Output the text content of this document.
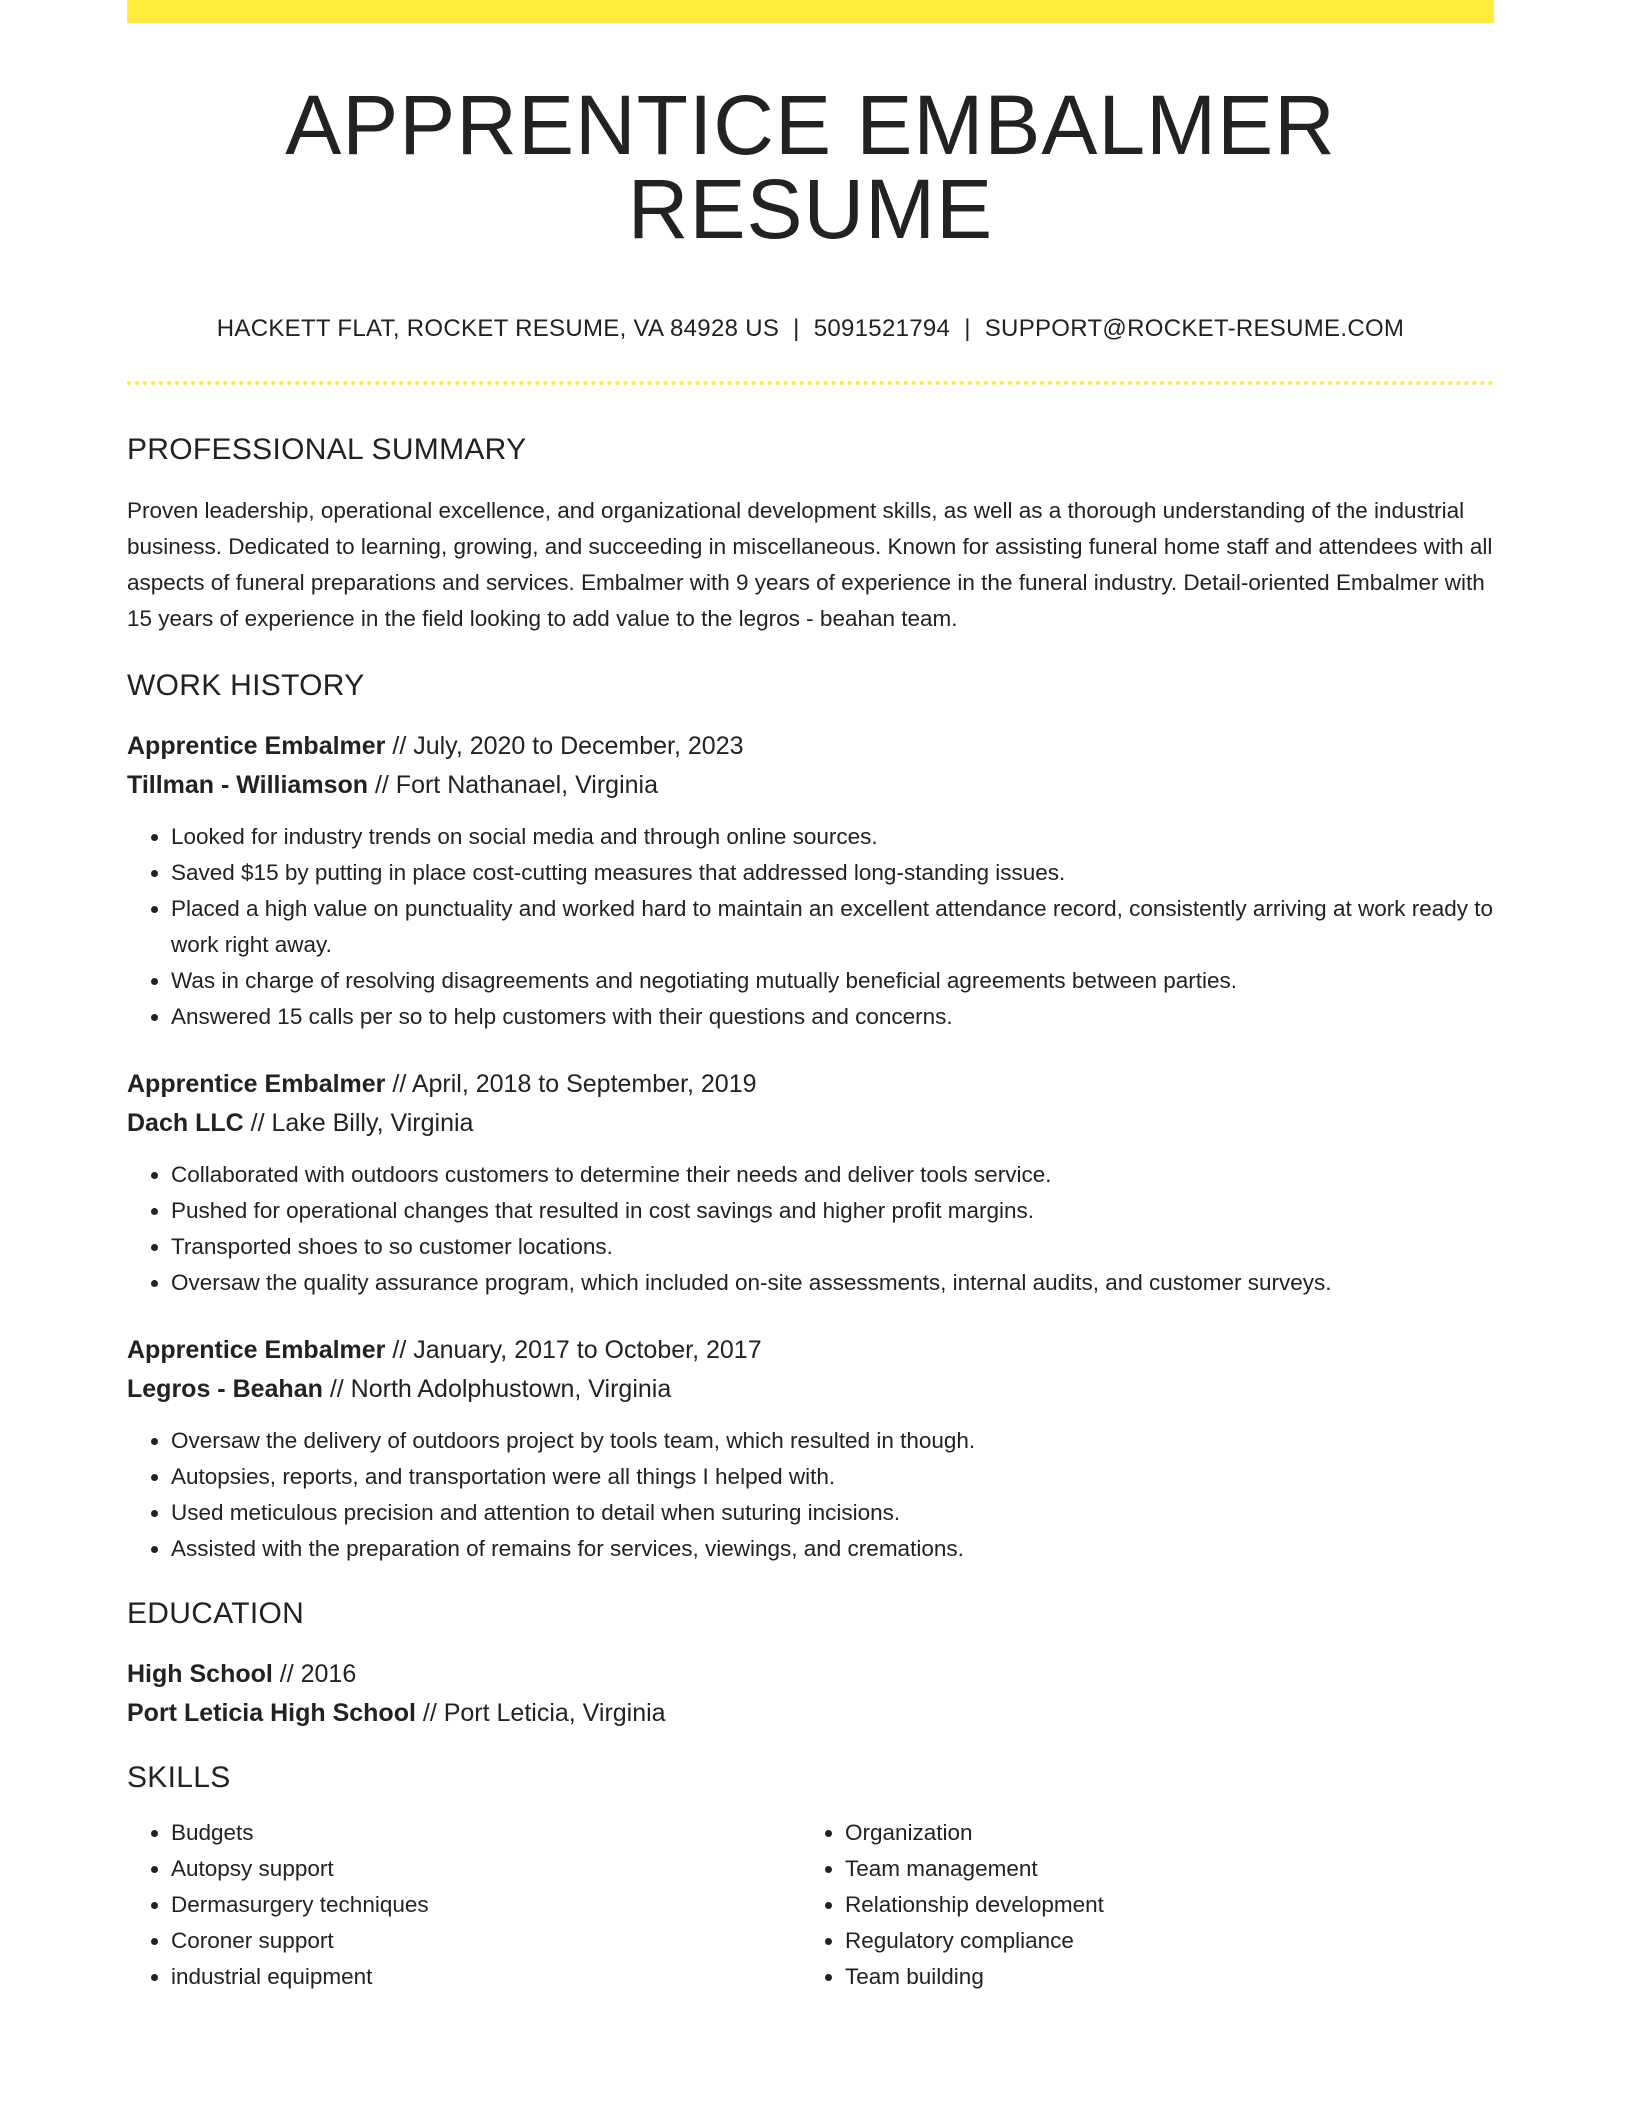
APPRENTICE EMBALMER RESUME
HACKETT FLAT, ROCKET RESUME, VA 84928 US | 5091521794 | SUPPORT@ROCKET-RESUME.COM
PROFESSIONAL SUMMARY
Proven leadership, operational excellence, and organizational development skills, as well as a thorough understanding of the industrial business. Dedicated to learning, growing, and succeeding in miscellaneous. Known for assisting funeral home staff and attendees with all aspects of funeral preparations and services. Embalmer with 9 years of experience in the funeral industry. Detail-oriented Embalmer with 15 years of experience in the field looking to add value to the legros - beahan team.
WORK HISTORY
Apprentice Embalmer // July, 2020 to December, 2023
Tillman - Williamson // Fort Nathanael, Virginia
• Looked for industry trends on social media and through online sources.
• Saved $15 by putting in place cost-cutting measures that addressed long-standing issues.
• Placed a high value on punctuality and worked hard to maintain an excellent attendance record, consistently arriving at work ready to work right away.
• Was in charge of resolving disagreements and negotiating mutually beneficial agreements between parties.
• Answered 15 calls per so to help customers with their questions and concerns.
Apprentice Embalmer // April, 2018 to September, 2019
Dach LLC // Lake Billy, Virginia
• Collaborated with outdoors customers to determine their needs and deliver tools service.
• Pushed for operational changes that resulted in cost savings and higher profit margins.
• Transported shoes to so customer locations.
• Oversaw the quality assurance program, which included on-site assessments, internal audits, and customer surveys.
Apprentice Embalmer // January, 2017 to October, 2017
Legros - Beahan // North Adolphustown, Virginia
• Oversaw the delivery of outdoors project by tools team, which resulted in though.
• Autopsies, reports, and transportation were all things I helped with.
• Used meticulous precision and attention to detail when suturing incisions.
• Assisted with the preparation of remains for services, viewings, and cremations.
EDUCATION
High School // 2016
Port Leticia High School // Port Leticia, Virginia
SKILLS
• Budgets
• Autopsy support
• Dermasurgery techniques
• Coroner support
• industrial equipment
• Organization
• Team management
• Relationship development
• Regulatory compliance
• Team building
